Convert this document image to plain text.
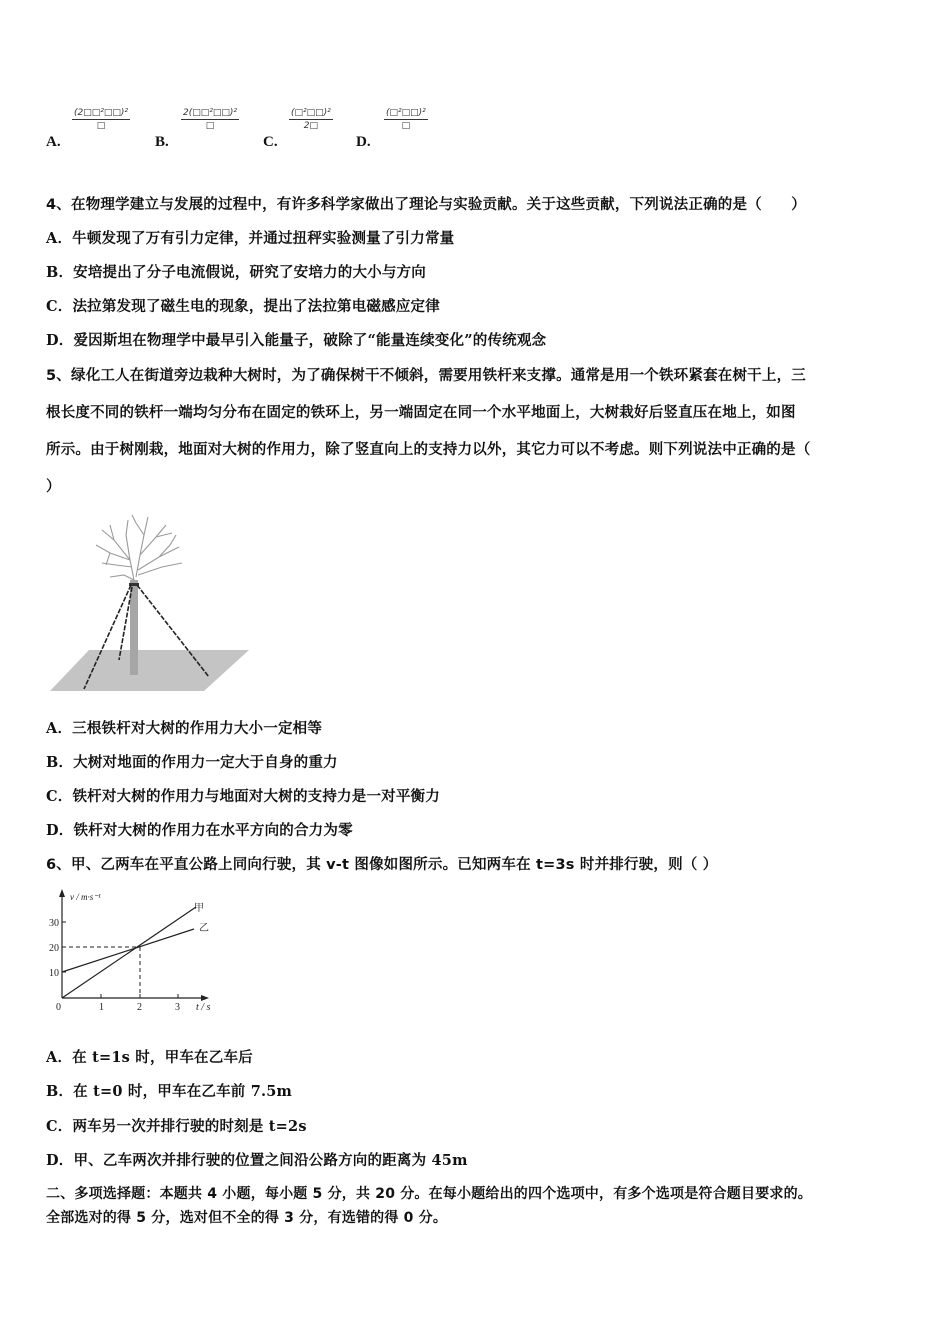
A.
(2□□²□□)²
□
B.
2(□□²□□)²
□
C.
(□²□□)²
2□
D.
(□²□□)²
□
4、在物理学建立与发展的过程中，有许多科学家做出了理论与实验贡献。关于这些贡献，下列说法正确的是（　　）
A．牛顿发现了万有引力定律，并通过扭秤实验测量了引力常量
B．安培提出了分子电流假说，研究了安培力的大小与方向
C．法拉第发现了磁生电的现象，提出了法拉第电磁感应定律
D．爱因斯坦在物理学中最早引入能量子，破除了“能量连续变化”的传统观念
5、绿化工人在街道旁边栽种大树时，为了确保树干不倾斜，需要用铁杆来支撑。通常是用一个铁环紧套在树干上，三
根长度不同的铁杆一端均匀分布在固定的铁环上，另一端固定在同一个水平地面上，大树栽好后竖直压在地上，如图
所示。由于树刚栽，地面对大树的作用力，除了竖直向上的支持力以外，其它力可以不考虑。则下列说法中正确的是（
）
A．三根铁杆对大树的作用力大小一定相等
B．大树对地面的作用力一定大于自身的重力
C．铁杆对大树的作用力与地面对大树的支持力是一对平衡力
D．铁杆对大树的作用力在水平方向的合力为零
6、甲、乙两车在平直公路上同向行驶，其 v-t 图像如图所示。已知两车在 t=3s 时并排行驶，则（ ）
v / m·s⁻¹
30
20
10
0	1	2	3 t / s
甲
乙
A．在 t=1s 时，甲车在乙车后
B．在 t=0 时，甲车在乙车前 7.5m
C．两车另一次并排行驶的时刻是 t=2s
D．甲、乙车两次并排行驶的位置之间沿公路方向的距离为 45m
二、多项选择题：本题共 4 小题，每小题 5 分，共 20 分。在每小题给出的四个选项中，有多个选项是符合题目要求的。
全部选对的得 5 分，选对但不全的得 3 分，有选错的得 0 分。
